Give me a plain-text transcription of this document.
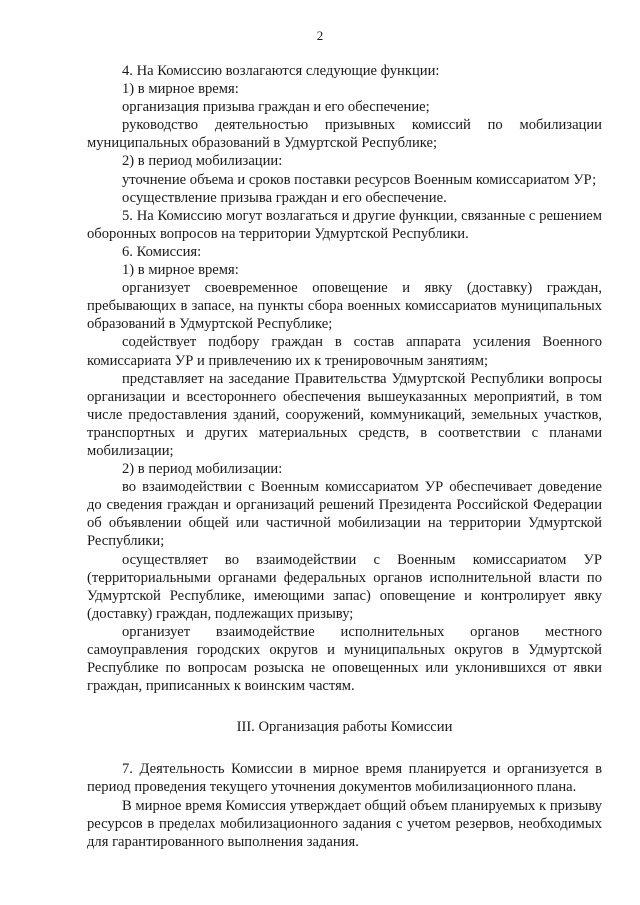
2

4. На Комиссию возлагаются следующие функции:

1) в мирное время:

организация призыва граждан и его обеспечение;

руководство деятельностью призывных комиссий по мобилизации муниципальных образований в Удмуртской Республике;

2) в период мобилизации:

уточнение объема и сроков поставки ресурсов Военным комиссариатом УР;

осуществление призыва граждан и его обеспечение.

5. На Комиссию могут возлагаться и другие функции, связанные с решением оборонных вопросов на территории Удмуртской Республики.

6. Комиссия:

1) в мирное время:

организует своевременное оповещение и явку (доставку) граждан, пребывающих в запасе, на пункты сбора военных комиссариатов муниципальных образований в Удмуртской Республике;

содействует подбору граждан в состав аппарата усиления Военного комиссариата УР и привлечению их к тренировочным занятиям;

представляет на заседание Правительства Удмуртской Республики вопросы организации и всестороннего обеспечения вышеуказанных мероприятий, в том числе предоставления зданий, сооружений, коммуникаций, земельных участков, транспортных и других материальных средств, в соответствии с планами мобилизации;

2) в период мобилизации:

во взаимодействии с Военным комиссариатом УР обеспечивает доведение до сведения граждан и организаций решений Президента Российской Федерации об объявлении общей или частичной мобилизации на территории Удмуртской Республики;

осуществляет во взаимодействии с Военным комиссариатом УР (территориальными органами федеральных органов исполнительной власти по Удмуртской Республике, имеющими запас) оповещение и контролирует явку (доставку) граждан, подлежащих призыву;

организует взаимодействие исполнительных органов местного самоуправления городских округов и муниципальных округов в Удмуртской Республике по вопросам розыска не оповещенных или уклонившихся от явки граждан, приписанных к воинским частям.

III. Организация работы Комиссии

7. Деятельность Комиссии в мирное время планируется и организуется в период проведения текущего уточнения документов мобилизационного плана.

В мирное время Комиссия утверждает общий объем планируемых к призыву ресурсов в пределах мобилизационного задания с учетом резервов, необходимых для гарантированного выполнения задания.
